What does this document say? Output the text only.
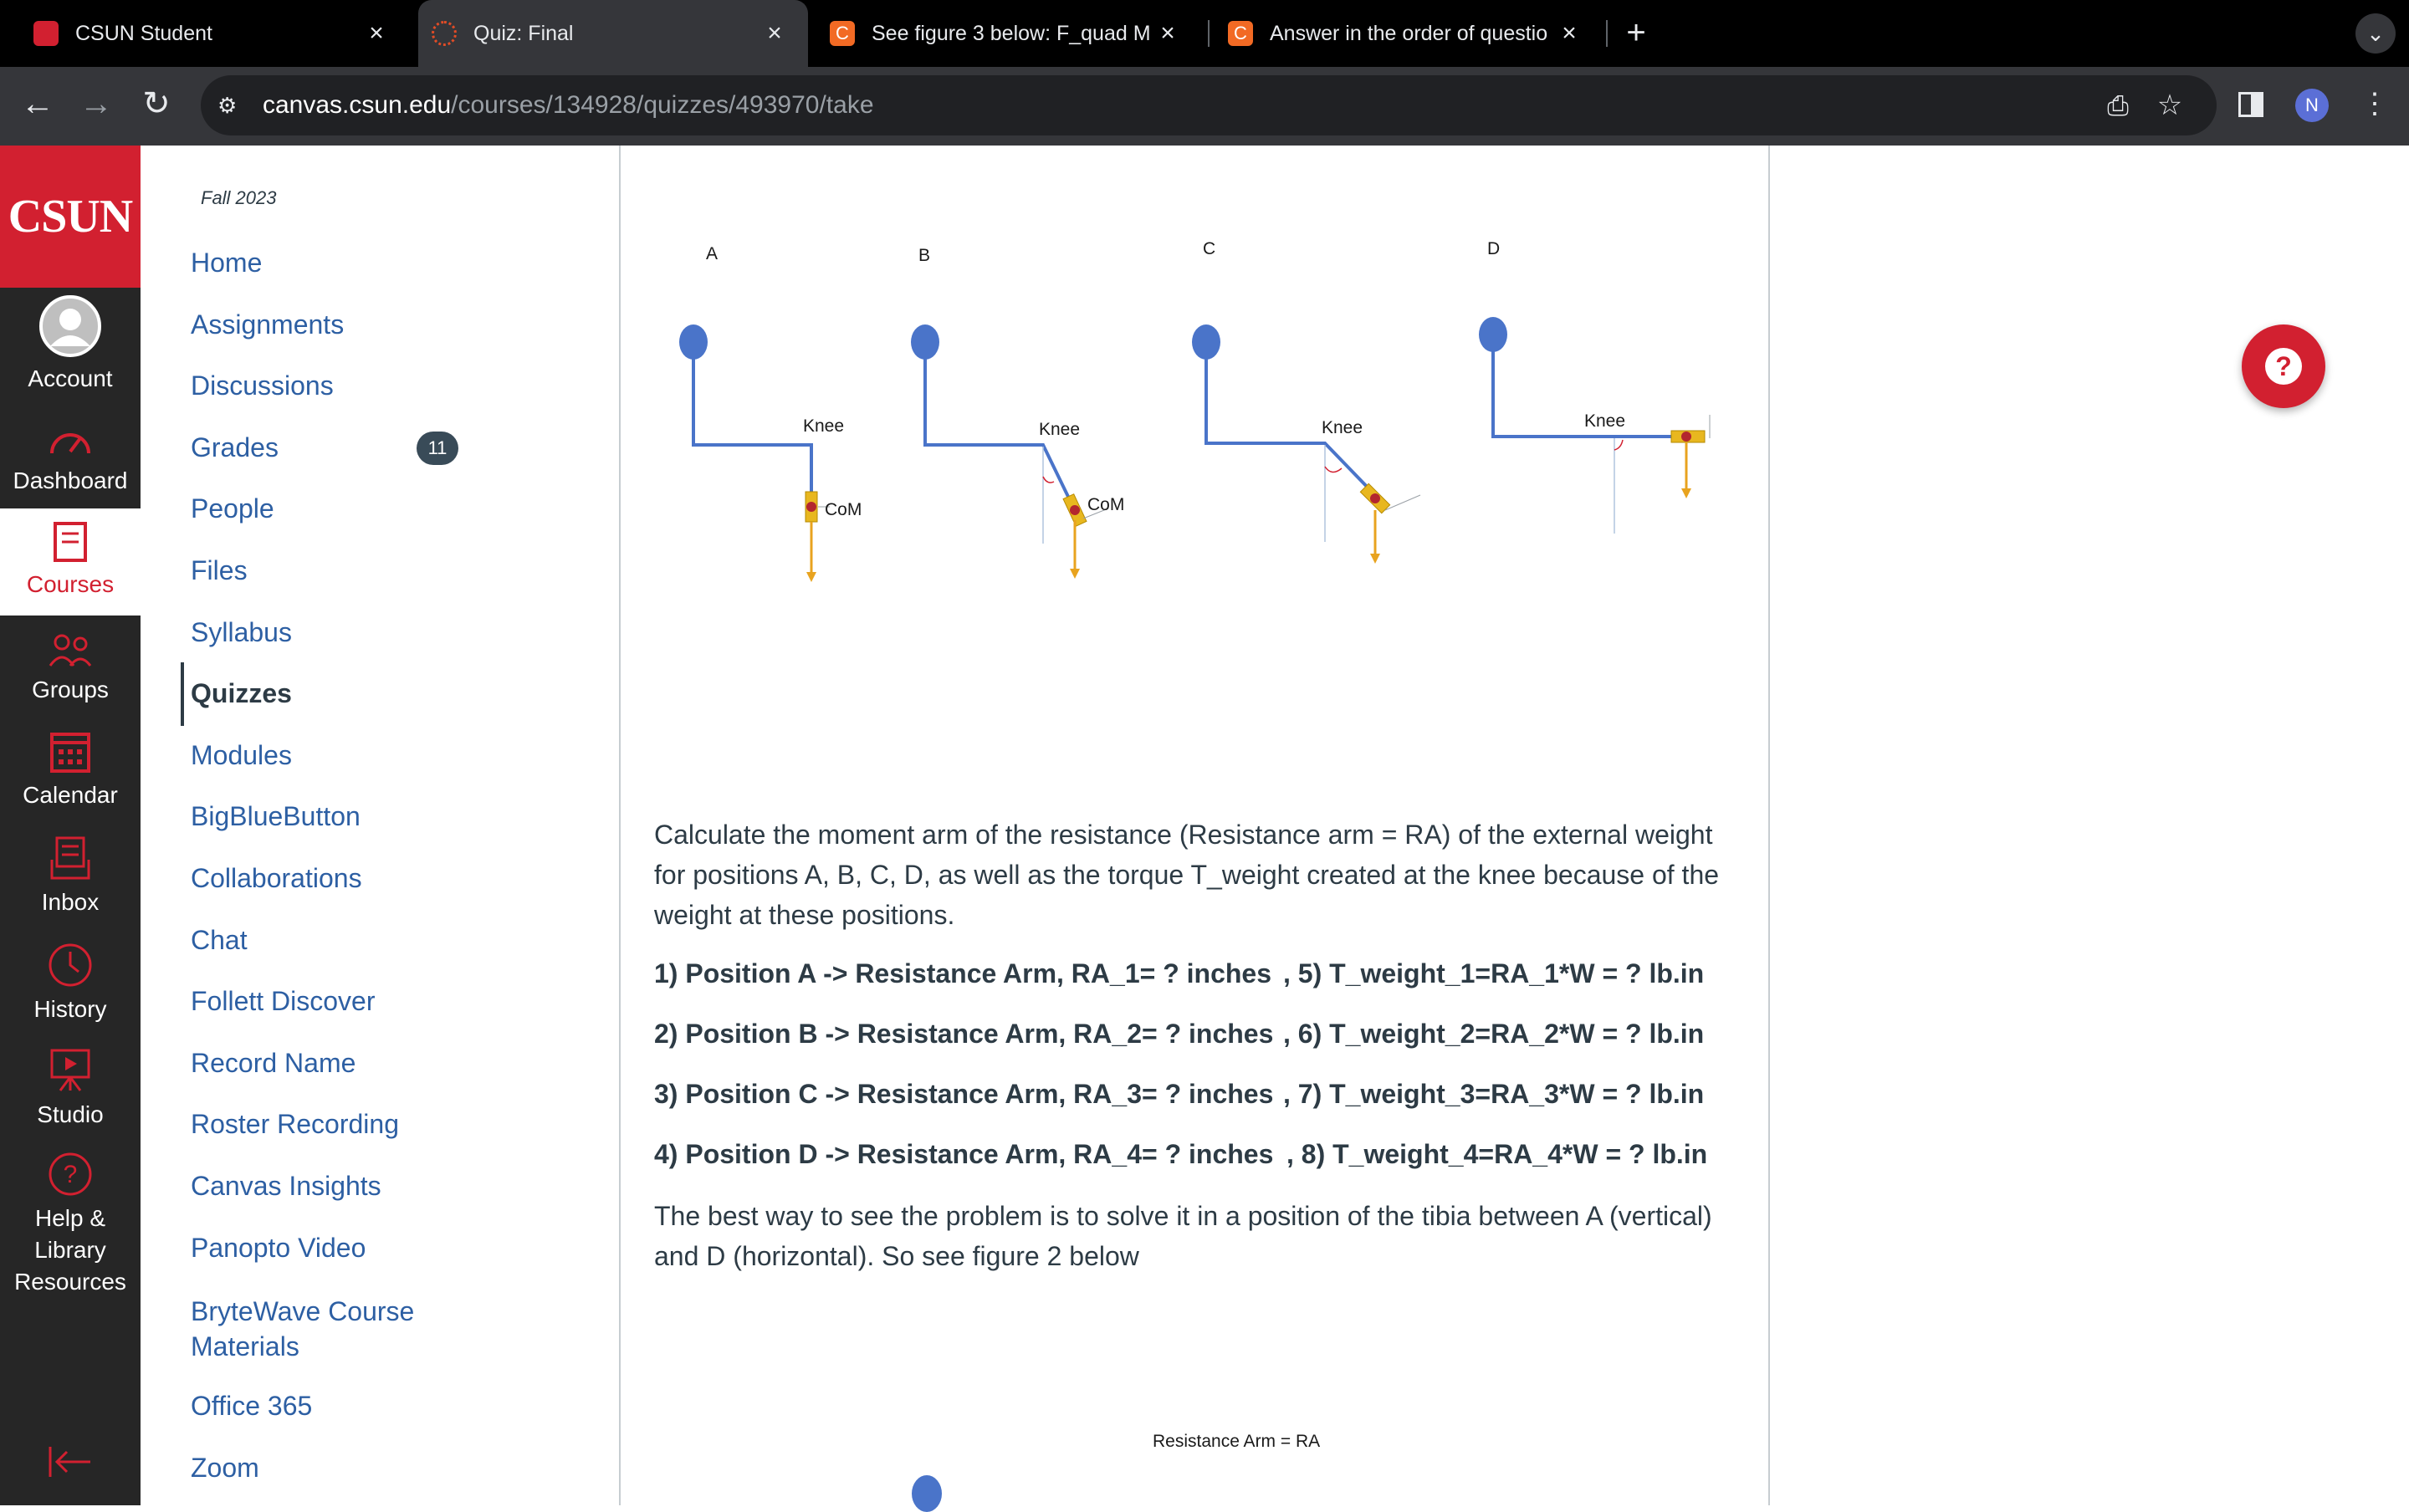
CSUN Student	×	Quiz: Final	×	C See figure 3 below: F_quad M ×	C Answer in the order of questio × +	⌄
← → ↻	⚙ canvas.csun.edu/courses/134928/quizzes/493970/take	⎙ ☆	N	⋮
CSUN
Account
Dashboard
Courses
Groups
Calendar
Inbox
History
Studio
?
Help & Library Resources
Fall 2023
Home
Assignments
Discussions
Grades
People
Files
Syllabus
Quizzes
Modules
BigBlueButton
Collaborations
Chat
Follett Discover
Record Name
Roster Recording
Canvas Insights
Panopto Video
BryteWave Course Materials
Office 365
Zoom
11
A	B	C	D
Knee
CoM
Knee
CoM
Knee	Knee
Calculate the moment arm of the resistance (Resistance arm = RA) of the external weight for positions A, B, C, D, as well as the torque T_weight created at the knee because of the weight at these positions.
1) Position A -> Resistance Arm, RA_1= ? inches , 5) T_weight_1=RA_1*W = ? lb.in
2) Position B -> Resistance Arm, RA_2= ? inches , 6) T_weight_2=RA_2*W = ? lb.in
3) Position C -> Resistance Arm, RA_3= ? inches , 7) T_weight_3=RA_3*W = ? lb.in
4) Position D -> Resistance Arm, RA_4= ? inches , 8) T_weight_4=RA_4*W = ? lb.in
The best way to see the problem is to solve it in a position of the tibia between A (vertical) and D (horizontal). So see figure 2 below
Resistance Arm = RA
?
